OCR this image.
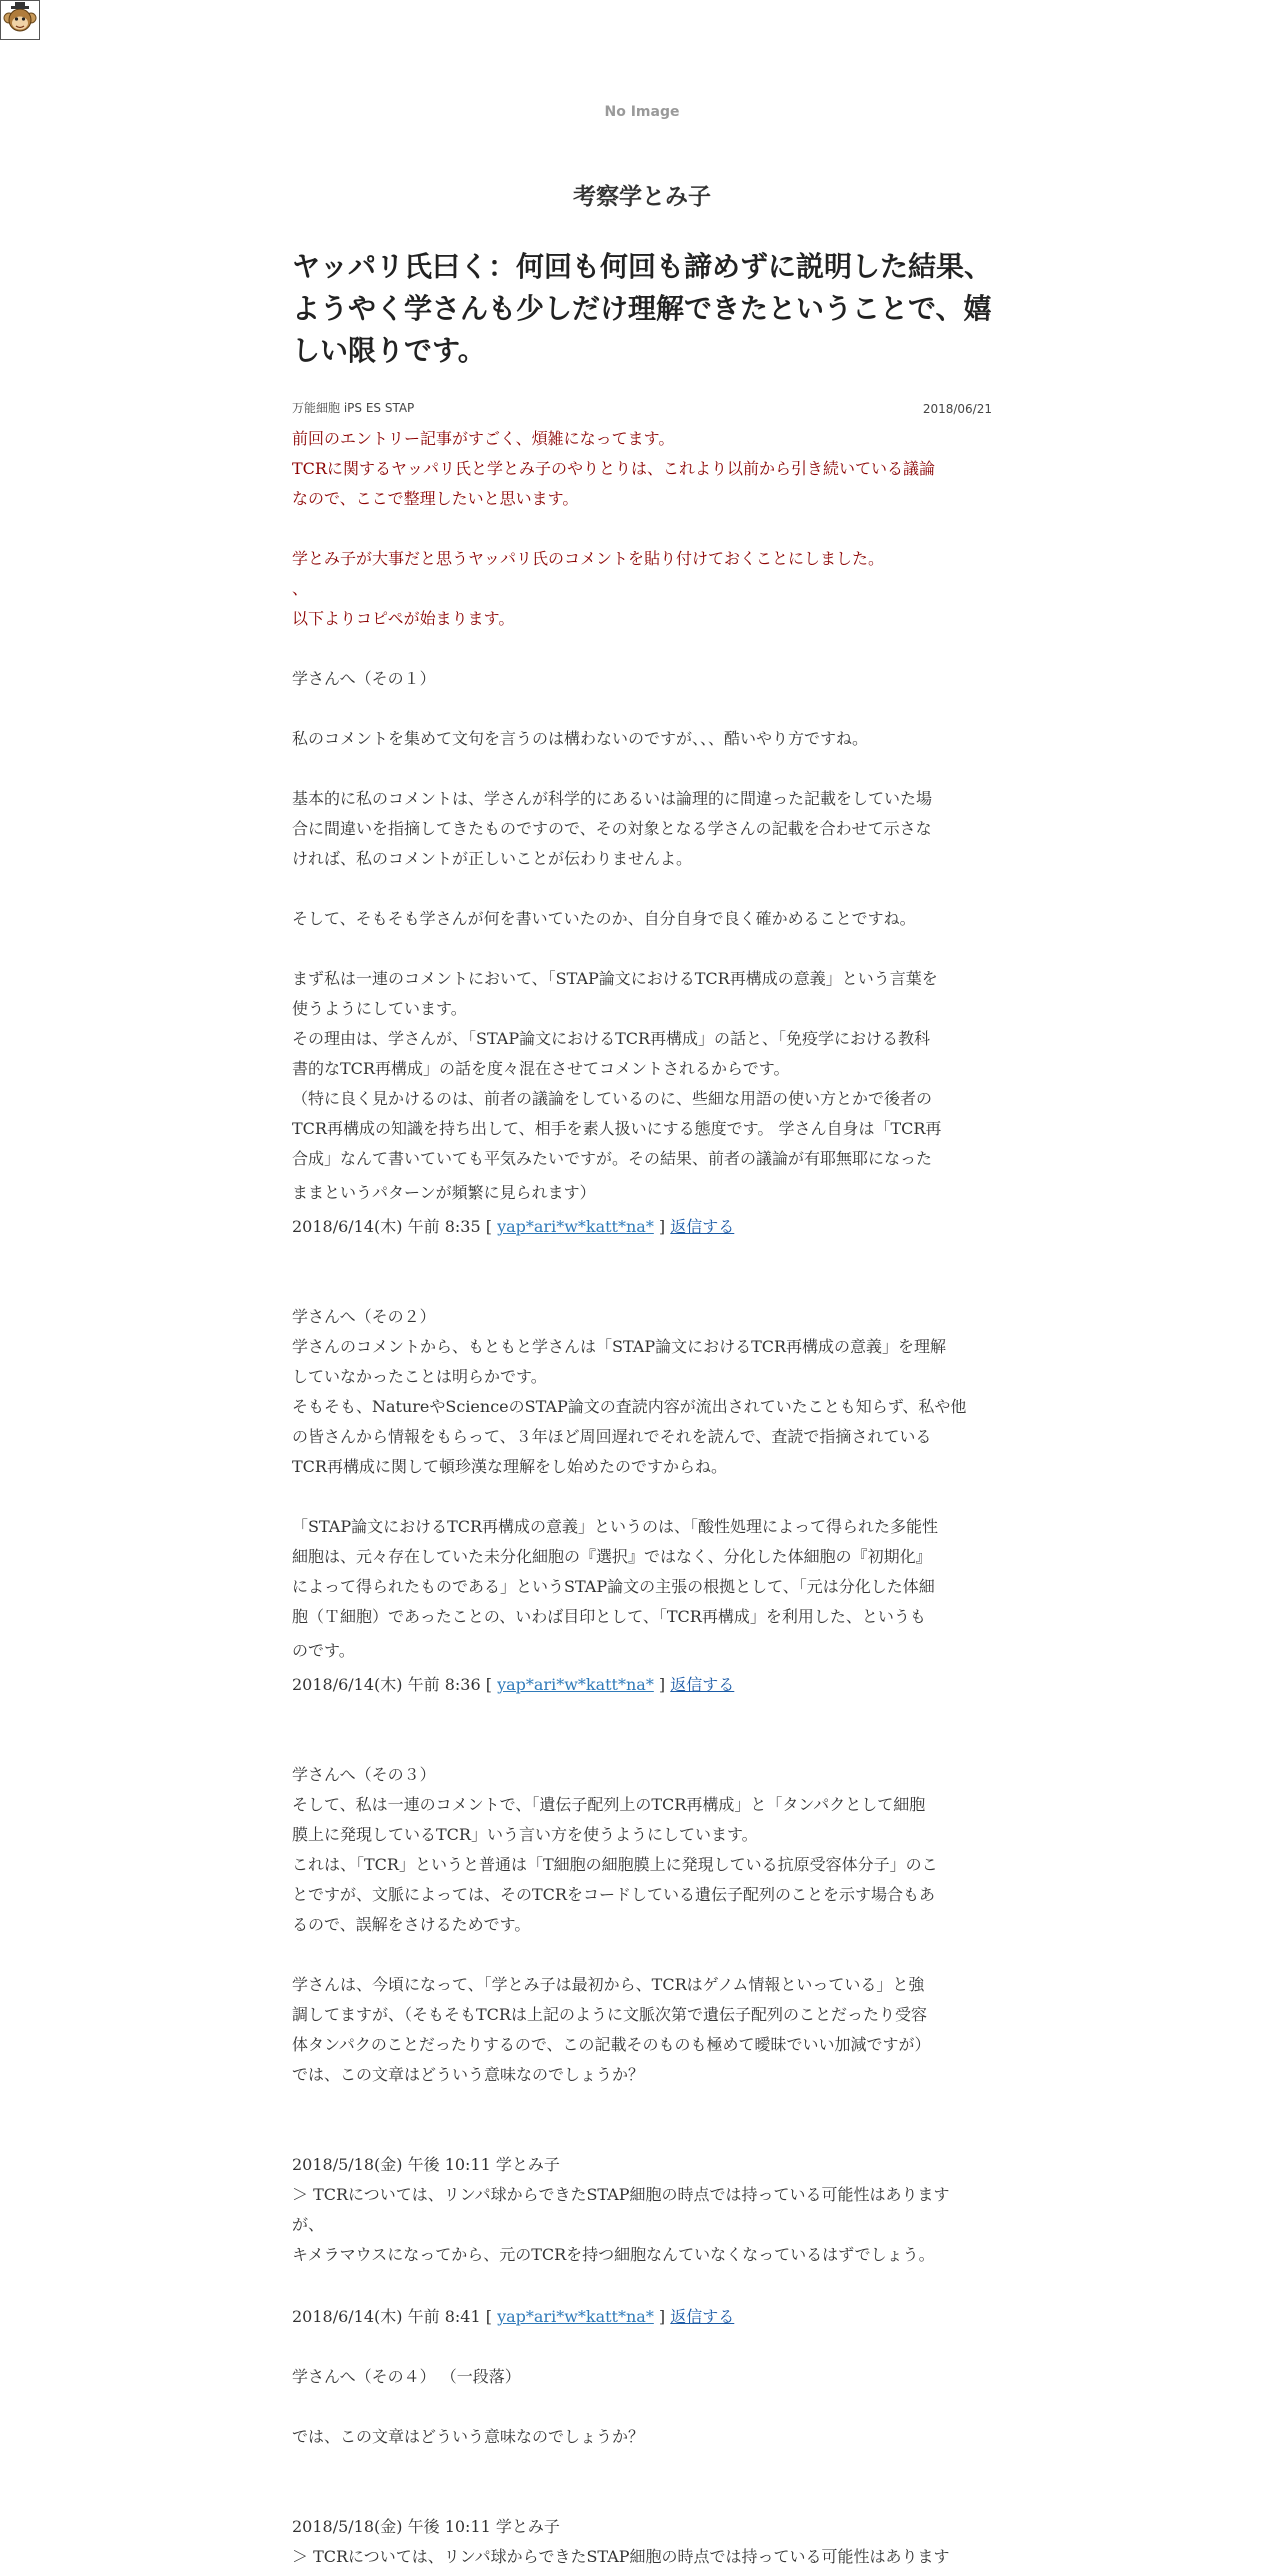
No Image
考察学とみ子
ヤッパリ氏曰く：何回も何回も諦めずに説明した結果、ようやく学さんも少しだけ理解できたということで、嬉しい限りです。
万能細胞 iPS ES STAP	2018/06/21
前回のエントリー記事がすごく、煩雑になってます。
TCRに関するヤッパリ氏と学とみ子のやりとりは、これより以前から引き続いている議論
なので、ここで整理したいと思います。
学とみ子が大事だと思うヤッパリ氏のコメントを貼り付けておくことにしました。
、
以下よりコピペが始まります。
学さんへ（その１）
私のコメントを集めて文句を言うのは構わないのですが、、、酷いやり方ですね。
基本的に私のコメントは、学さんが科学的にあるいは論理的に間違った記載をしていた場
合に間違いを指摘してきたものですので、その対象となる学さんの記載を合わせて示さな
ければ、私のコメントが正しいことが伝わりませんよ。
そして、そもそも学さんが何を書いていたのか、自分自身で良く確かめることですね。
まず私は一連のコメントにおいて、「STAP論文におけるTCR再構成の意義」という言葉を
使うようにしています。
その理由は、学さんが、「STAP論文におけるTCR再構成」の話と、「免疫学における教科
書的なTCR再構成」の話を度々混在させてコメントされるからです。
（特に良く見かけるのは、前者の議論をしているのに、些細な用語の使い方とかで後者の
TCR再構成の知識を持ち出して、相手を素人扱いにする態度です。 学さん自身は「TCR再
合成」なんて書いていても平気みたいですが。その結果、前者の議論が有耶無耶になった
ままというパターンが頻繁に見られます）
2018/6/14(木) 午前 8:35 [ yap*ari*w*katt*na* ] 返信する
学さんへ（その２）
学さんのコメントから、もともと学さんは「STAP論文におけるTCR再構成の意義」を理解
していなかったことは明らかです。
そもそも、NatureやScienceのSTAP論文の査読内容が流出されていたことも知らず、私や他
の皆さんから情報をもらって、３年ほど周回遅れでそれを読んで、査読で指摘されている
TCR再構成に関して頓珍漢な理解をし始めたのですからね。
「STAP論文におけるTCR再構成の意義」というのは、「酸性処理によって得られた多能性
細胞は、元々存在していた未分化細胞の『選択』ではなく、分化した体細胞の『初期化』
によって得られたものである」というSTAP論文の主張の根拠として、「元は分化した体細
胞（Ｔ細胞）であったことの、いわば目印として、「TCR再構成」を利用した、というも
のです。
2018/6/14(木) 午前 8:36 [ yap*ari*w*katt*na* ] 返信する
学さんへ（その３）
そして、私は一連のコメントで、「遺伝子配列上のTCR再構成」と「タンパクとして細胞
膜上に発現しているTCR」いう言い方を使うようにしています。
これは、「TCR」というと普通は「T細胞の細胞膜上に発現している抗原受容体分子」のこ
とですが、文脈によっては、そのTCRをコードしている遺伝子配列のことを示す場合もあ
るので、誤解をさけるためです。
学さんは、今頃になって、「学とみ子は最初から、TCRはゲノム情報といっている」と強
調してますが、（そもそもTCRは上記のように文脈次第で遺伝子配列のことだったり受容
体タンパクのことだったりするので、この記載そのものも極めて曖昧でいい加減ですが）
では、この文章はどういう意味なのでしょうか？
2018/5/18(金) 午後 10:11 学とみ子
＞ TCRについては、リンパ球からできたSTAP細胞の時点では持っている可能性はあります
が、
キメラマウスになってから、元のTCRを持つ細胞なんていなくなっているはずでしょう。
2018/6/14(木) 午前 8:41 [ yap*ari*w*katt*na* ] 返信する
学さんへ（その４） （一段落）
では、この文章はどういう意味なのでしょうか？
2018/5/18(金) 午後 10:11 学とみ子
＞ TCRについては、リンパ球からできたSTAP細胞の時点では持っている可能性はあります
